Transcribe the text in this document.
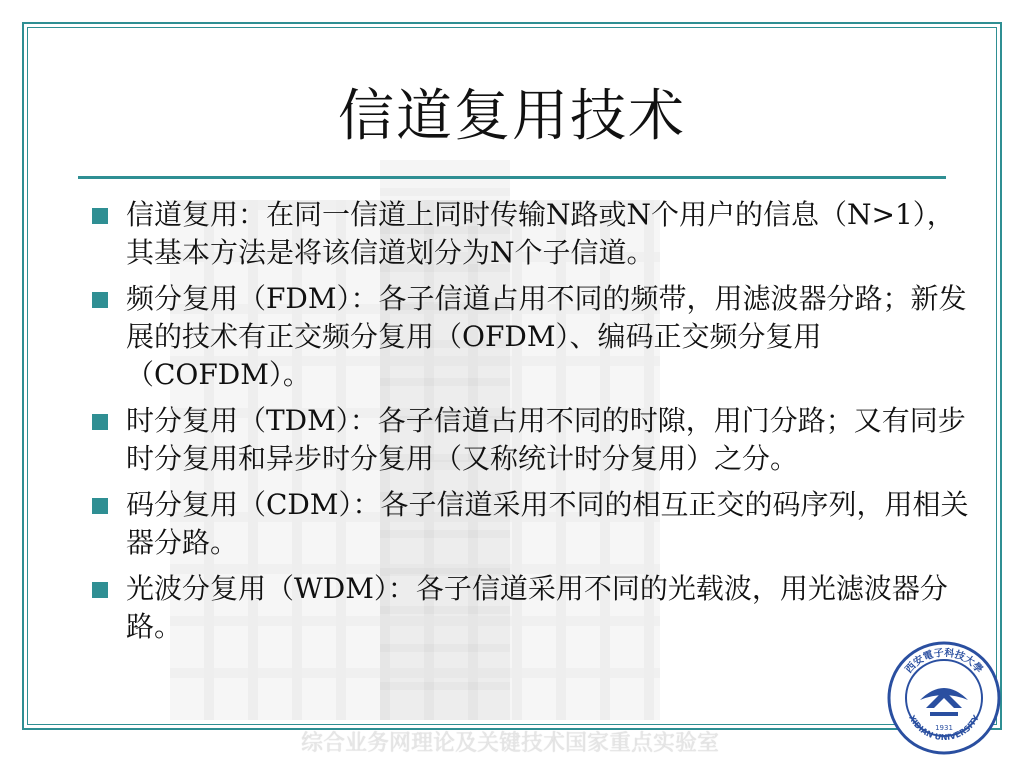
信道复用技术
信道复用：在同一信道上同时传输N路或N个用户的信息（N>1），其基本方法是将该信道划分为N个子信道。
频分复用（FDM）：各子信道占用不同的频带，用滤波器分路；新发展的技术有正交频分复用（OFDM）、编码正交频分复用（COFDM）。
时分复用（TDM）：各子信道占用不同的时隙，用门分路；又有同步时分复用和异步时分复用（又称统计时分复用）之分。
码分复用（CDM）：各子信道采用不同的相互正交的码序列，用相关器分路。
光波分复用（WDM）：各子信道采用不同的光载波，用光滤波器分路。
综合业务网理论及关键技术国家重点实验室
西安電子科技大學
XIDIAN UNIVERSITY
1931
